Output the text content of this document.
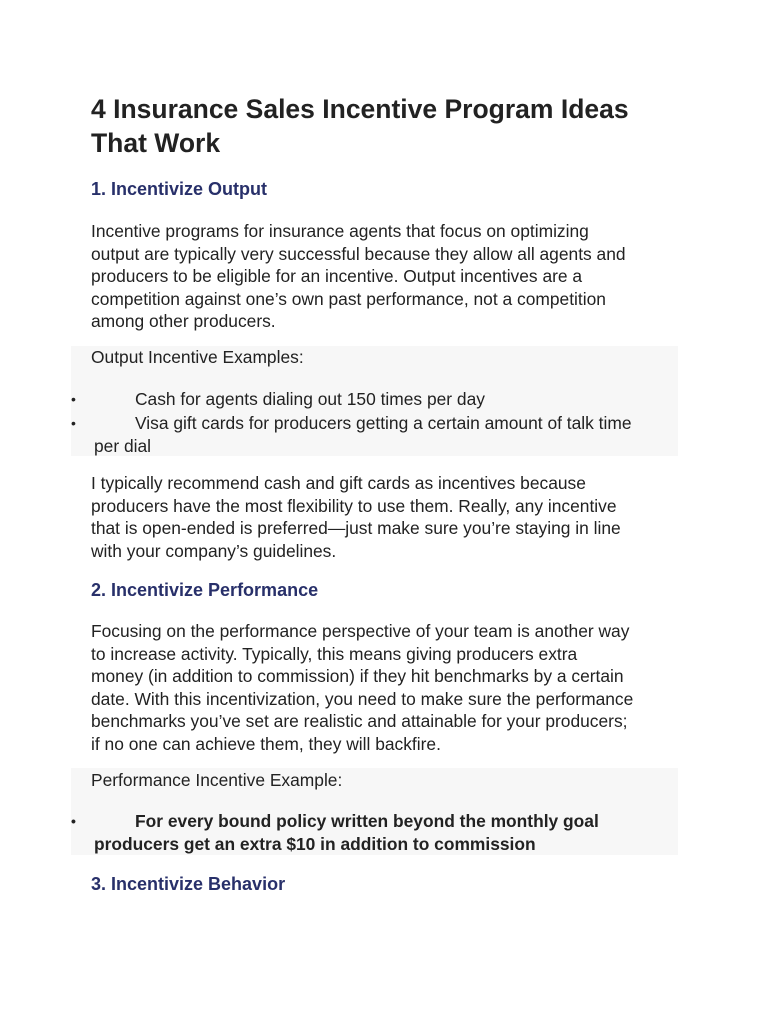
4 Insurance Sales Incentive Program Ideas
That Work
1. Incentivize Output

Incentive programs for insurance agents that focus on optimizing
output are typically very successful because they allow all agents and
producers to be eligible for an incentive. Output incentives are a
competition against one’s own past performance, not a competition
among other producers.

Output Incentive Examples:

•	Cash for agents dialing out 150 times per day
•	Visa gift cards for producers getting a certain amount of talk time
per dial

I typically recommend cash and gift cards as incentives because
producers have the most flexibility to use them. Really, any incentive
that is open-ended is preferred—just make sure you’re staying in line
with your company’s guidelines.

2. Incentivize Performance

Focusing on the performance perspective of your team is another way
to increase activity. Typically, this means giving producers extra
money (in addition to commission) if they hit benchmarks by a certain
date. With this incentivization, you need to make sure the performance
benchmarks you’ve set are realistic and attainable for your producers;
if no one can achieve them, they will backfire.

Performance Incentive Example:

•	For every bound policy written beyond the monthly goal
producers get an extra $10 in addition to commission
3. Incentivize Behavior
